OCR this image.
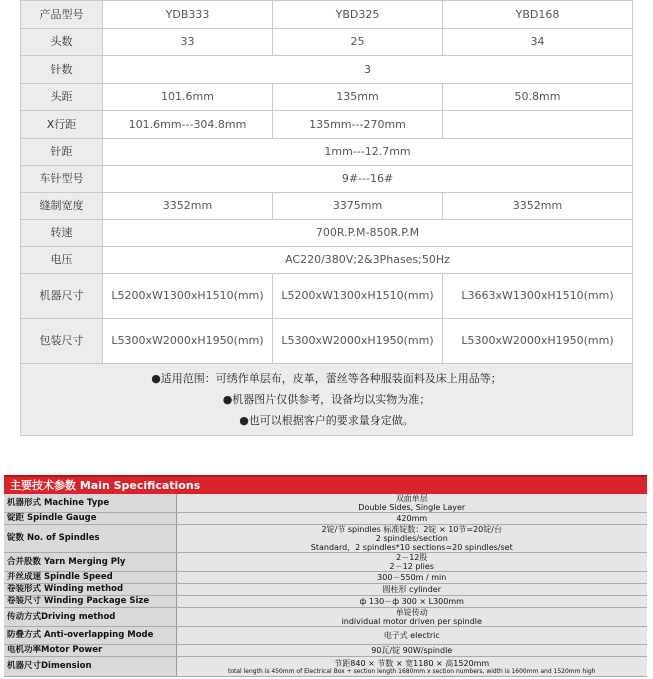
产品型号	YDB333	YBD325	YBD168
头数	33	25	34
针数	3		
头距	101.6mm	135mm	50.8mm
X行距	101.6mm---304.8mm	135mm---270mm	
针距	1mm---12.7mm		
车针型号	9#---16#		
缝制宽度	3352mm	3375mm	3352mm
转速	700R.P.M-850R.P.M		
电压	AC220/380V;2&3Phases;50Hz		
机器尺寸	L5200xW1300xH1510(mm)	L5200xW1300xH1510(mm)	L3663xW1300xH1510(mm)
包装尺寸	L5300xW2000xH1950(mm)	L5300xW2000xH1950(mm)	L5300xW2000xH1950(mm)

●适用范围：可绣作单层布，皮革，蕾丝等各种服装面料及床上用品等；

●机器图片仅供参考，设备均以实物为准；

●也可以根据客户的要求量身定做。			

主要技术参数 Main Specifications
机器形式 Machine Type	双面单层
Double Sides, Single Layer

锭距 Spindle Gauge	420mm
锭数 No. of Spindles	2锭/节 spindles 标准锭数：2锭 × 10节=20锭/台
2 spindles/section
Standard，2 spindles*10 sections=20 spindles/set

合并股数 Yarn Merging Ply	2－12股
2－12 plies

并丝成速 Spindle Speed	300－550m / min
卷装形式 Winding method	圆柱形 cylinder
卷装尺寸 Winding Package Size	ф 130－ф 300 × L300mm
传动方式Driving method	单锭传动
individual motor driven per spindle

防叠方式 Anti-overlapping Mode	电子式 electric
电机功率Motor Power	90瓦/锭 90W/spindle
机器尺寸Dimension	节距840 × 节数 × 宽1180 × 高1520mm
total length is 450mm of Electrical Box + section length 1680mm x section numbers, width is 1600mm and 1520mm high
